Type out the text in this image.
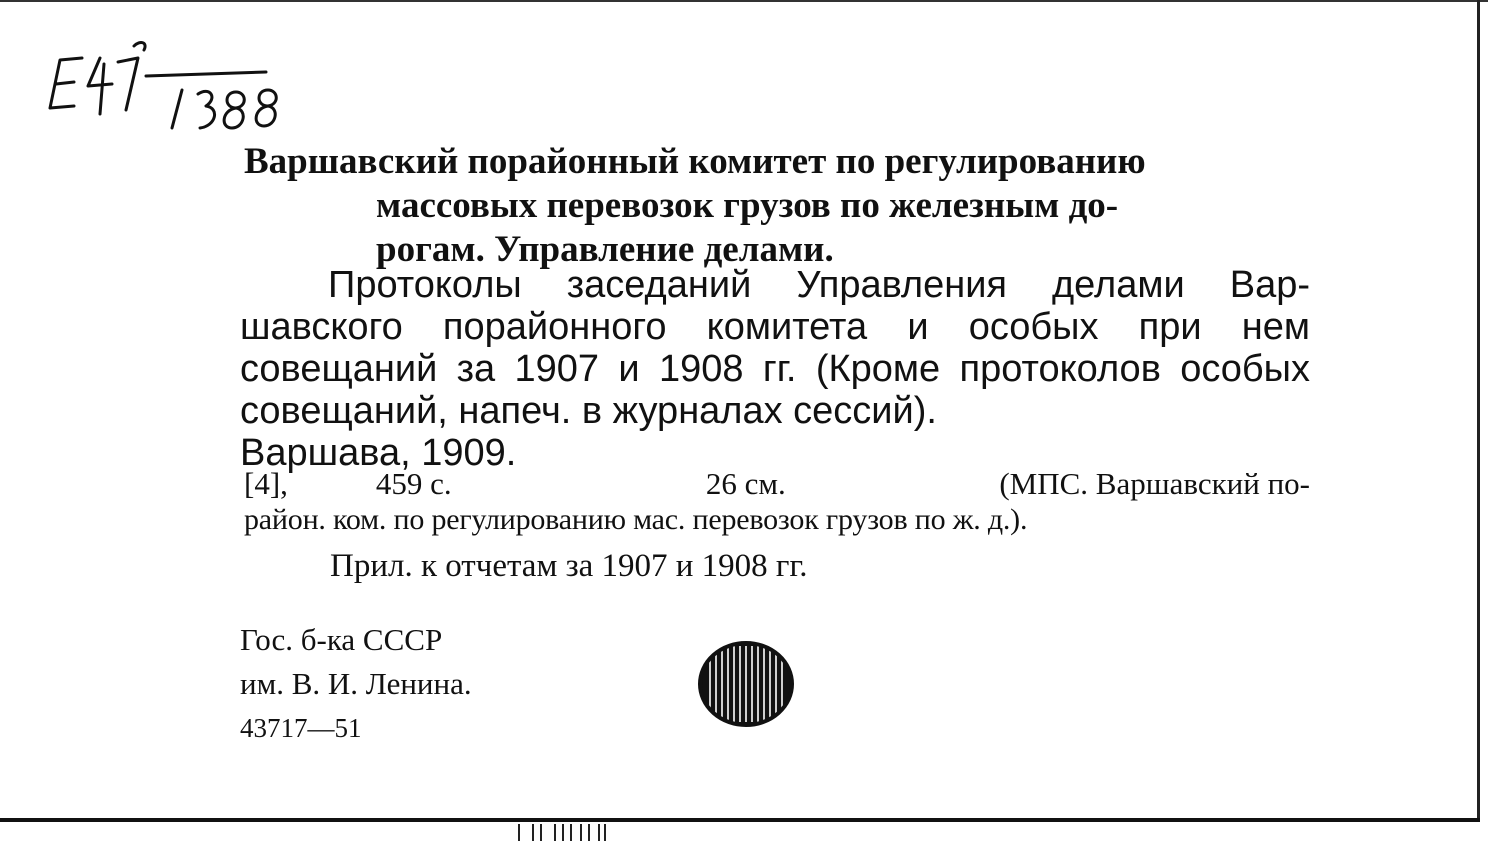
Варшавский порайонный комитет по регулированию
массовых перевозок грузов по железным до-
рогам. Управление делами.
Протоколы заседаний Управления делами Вар-
шавского порайонного комитета и особых при нем совещаний за 1907 и 1908 гг. (Кроме протоколов особых совещаний, напеч. в журналах сессий).
Варшава, 1909.
[4],	459 с.	26 см.	(МПС. Варшавский по-
район. ком. по регулированию мас. перевозок грузов по ж. д.).
Прил. к отчетам за 1907 и 1908 гг.
Гос. б-ка СССР
им. В. И. Ленина.
43717—51
